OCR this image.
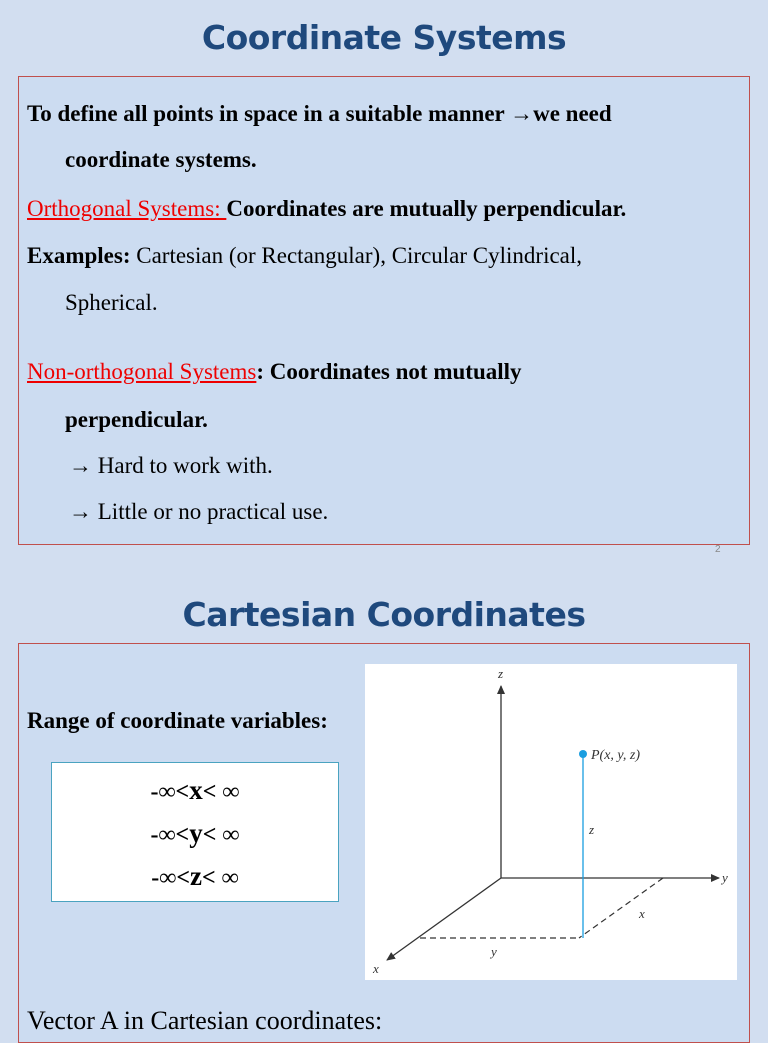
Coordinate Systems
To define all points in space in a suitable manner →we need
coordinate systems.
Orthogonal Systems: Coordinates are mutually perpendicular.
Examples: Cartesian (or Rectangular), Circular Cylindrical,
Spherical.
Non-orthogonal Systems: Coordinates not mutually
perpendicular.
→ Hard to work with.
→ Little or no practical use.
2
Cartesian Coordinates
Range of coordinate variables:
-∞<x< ∞
-∞<y< ∞
-∞<z< ∞
z
y
x
P(x, y, z)
z
x
y
Vector A in Cartesian coordinates:
